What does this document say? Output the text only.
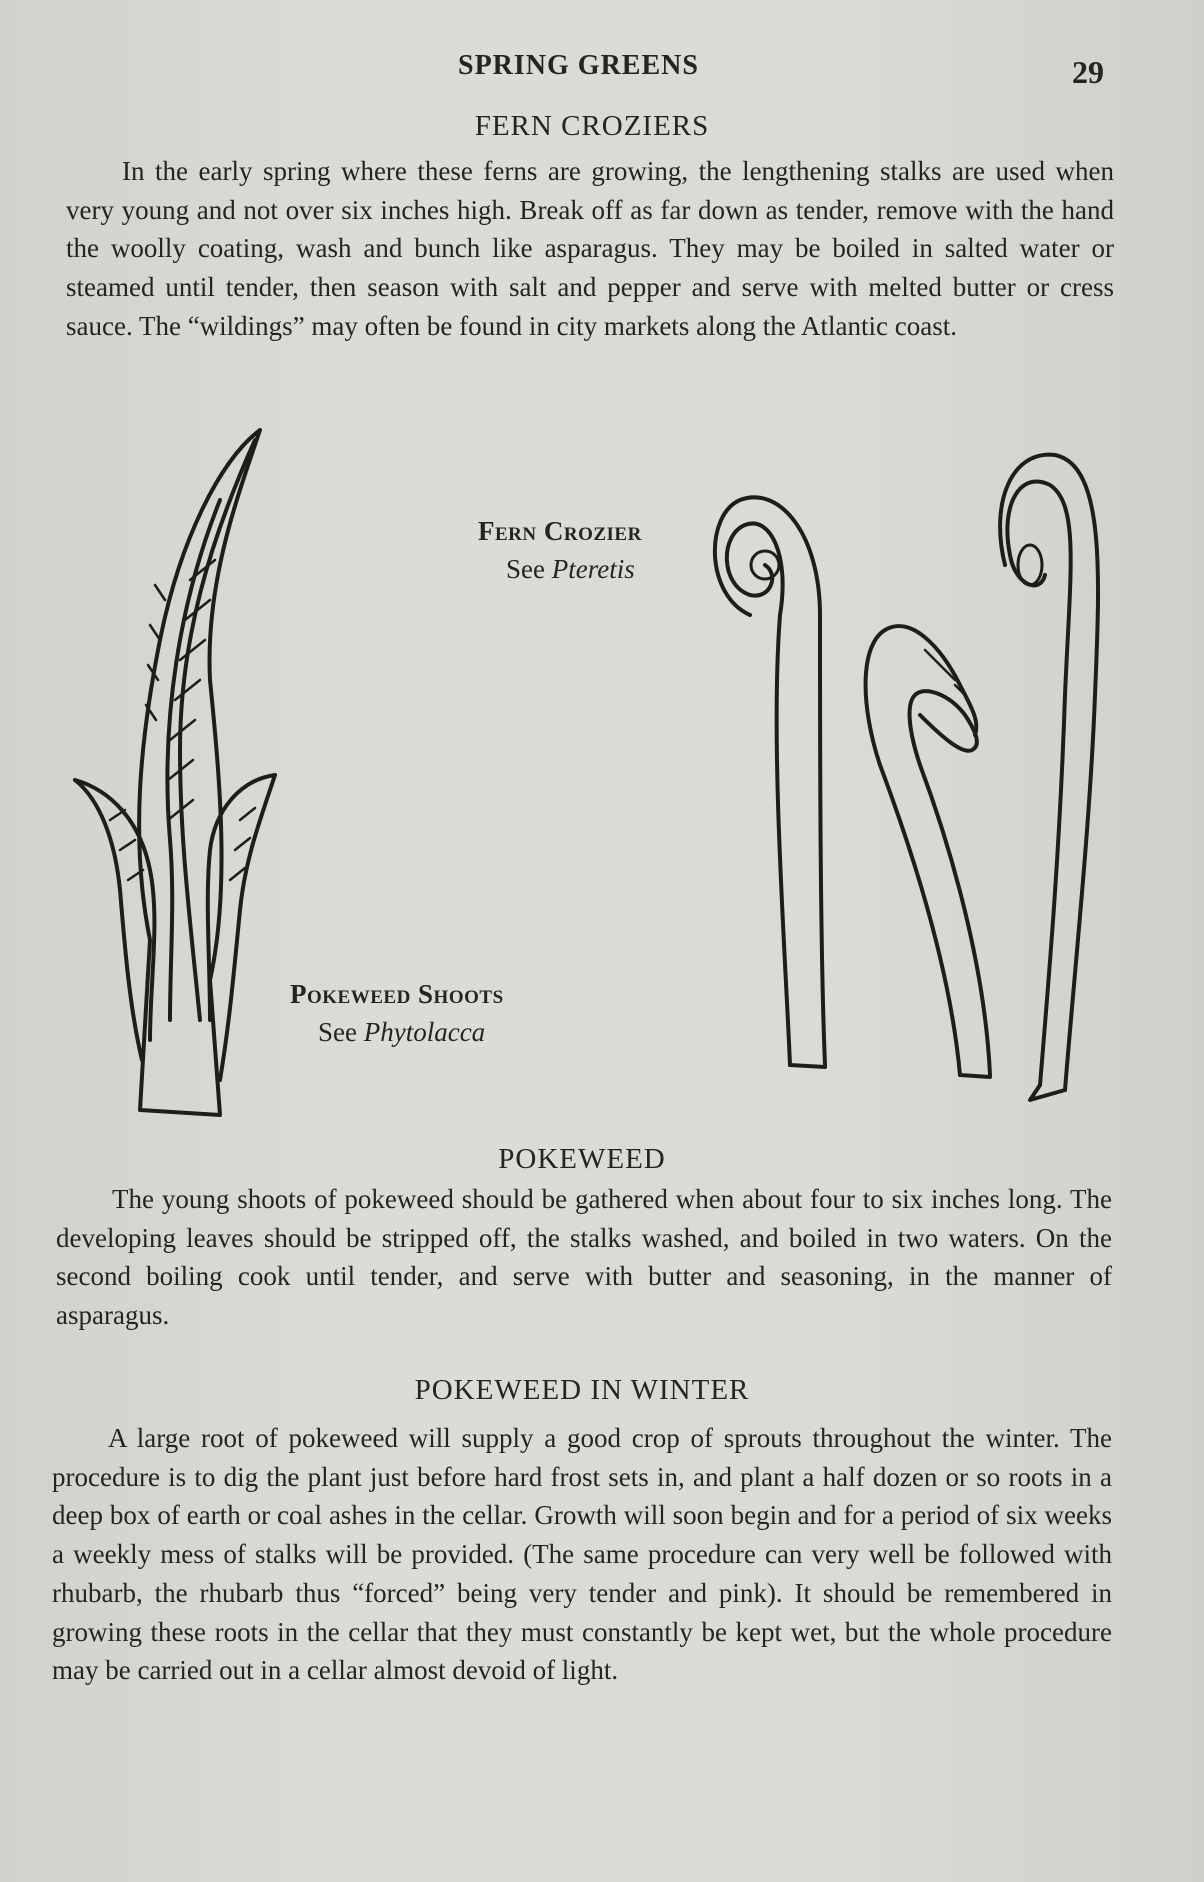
SPRING GREENS	29
FERN CROZIERS
In the early spring where these ferns are growing, the lengthening stalks are used when very young and not over six inches high. Break off as far down as tender, remove with the hand the woolly coating, wash and bunch like asparagus. They may be boiled in salted water or steamed until tender, then season with salt and pepper and serve with melted butter or cress sauce. The “wildings” may often be found in city markets along the Atlantic coast.
Fern Crozier
See Pteretis
Pokeweed Shoots
See Phytolacca
POKEWEED
The young shoots of pokeweed should be gathered when about four to six inches long. The developing leaves should be stripped off, the stalks washed, and boiled in two waters. On the second boiling cook until tender, and serve with butter and seasoning, in the manner of asparagus.
POKEWEED IN WINTER
A large root of pokeweed will supply a good crop of sprouts throughout the winter. The procedure is to dig the plant just before hard frost sets in, and plant a half dozen or so roots in a deep box of earth or coal ashes in the cellar. Growth will soon begin and for a period of six weeks a weekly mess of stalks will be provided. (The same procedure can very well be followed with rhubarb, the rhubarb thus “forced” being very tender and pink). It should be remembered in growing these roots in the cellar that they must constantly be kept wet, but the whole procedure may be carried out in a cellar almost devoid of light.
